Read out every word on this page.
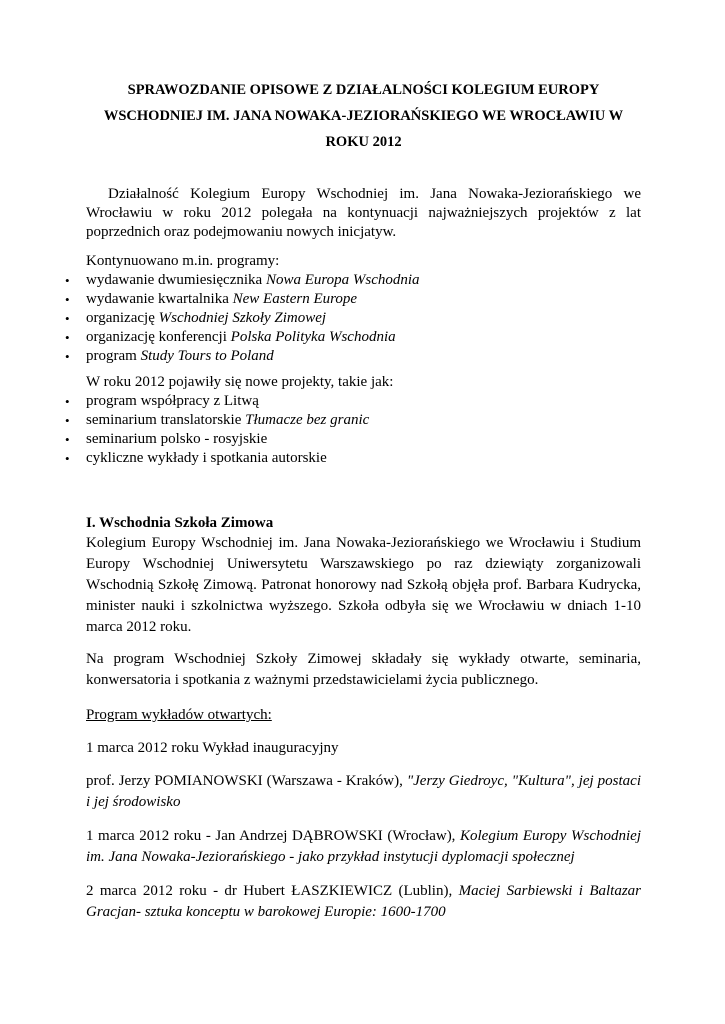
SPRAWOZDANIE OPISOWE Z DZIAŁALNOŚCI KOLEGIUM EUROPY
WSCHODNIEJ IM. JANA NOWAKA-JEZIORAŃSKIEGO WE WROCŁAWIU W
ROKU 2012
Działalność Kolegium Europy Wschodniej im. Jana Nowaka-Jeziorańskiego we Wrocławiu w roku 2012 polegała na kontynuacji najważniejszych projektów z lat poprzednich oraz podejmowaniu nowych inicjatyw.

Kontynuowano m.in. programy:

• wydawanie dwumiesięcznika Nowa Europa Wschodnia
• wydawanie kwartalnika New Eastern Europe
• organizację Wschodniej Szkoły Zimowej
• organizację konferencji Polska Polityka Wschodnia
• program Study Tours to Poland

W roku 2012 pojawiły się nowe projekty, takie jak:

• program współpracy z Litwą
• seminarium translatorskie Tłumacze bez granic
• seminarium polsko - rosyjskie
• cykliczne wykłady i spotkania autorskie
I. Wschodnia Szkoła Zimowa
Kolegium Europy Wschodniej im. Jana Nowaka-Jeziorańskiego we Wrocławiu i Studium Europy Wschodniej Uniwersytetu Warszawskiego po raz dziewiąty zorganizowali Wschodnią Szkołę Zimową. Patronat honorowy nad Szkołą objęła prof. Barbara Kudrycka, minister nauki i szkolnictwa wyższego. Szkoła odbyła się we Wrocławiu w dniach 1-10 marca 2012 roku.
Na program Wschodniej Szkoły Zimowej składały się wykłady otwarte, seminaria, konwersatoria i spotkania z ważnymi przedstawicielami życia publicznego.
Program wykładów otwartych:
1 marca 2012 roku Wykład inauguracyjny
prof. Jerzy POMIANOWSKI (Warszawa - Kraków), "Jerzy Giedroyc, "Kultura", jej postaci i jej środowisko
1 marca 2012 roku - Jan Andrzej DĄBROWSKI (Wrocław), Kolegium Europy Wschodniej im. Jana Nowaka-Jeziorańskiego - jako przykład instytucji dyplomacji społecznej
2 marca 2012 roku - dr Hubert ŁASZKIEWICZ (Lublin), Maciej Sarbiewski i Baltazar Gracjan- sztuka konceptu w barokowej Europie: 1600-1700
